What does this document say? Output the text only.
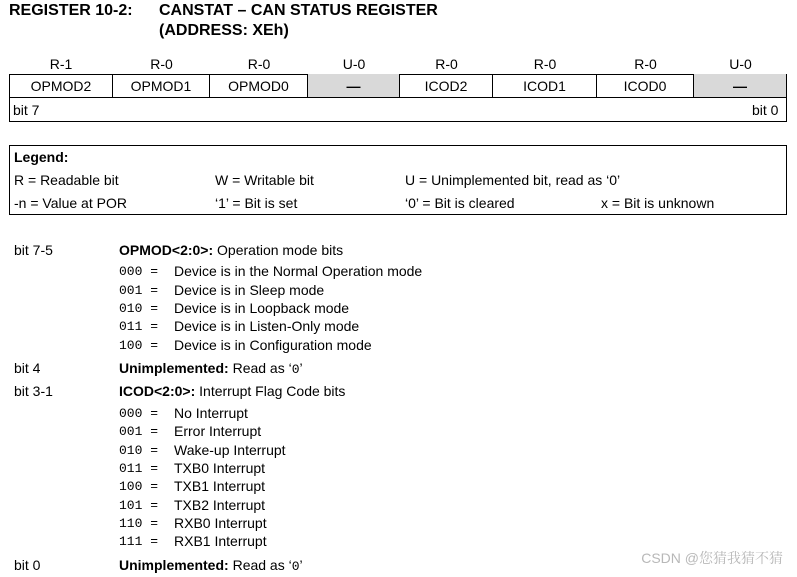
REGISTER 10-2: CANSTAT – CAN STATUS REGISTER
(ADDRESS: XEh)
R-1	R-0	R-0	U-0	R-0	R-0	R-0	U-0
OPMOD2	OPMOD1	OPMOD0	—	ICOD2	ICOD1	ICOD0	—
bit 7	bit 0
Legend:
R = Readable bit	W = Writable bit	U = Unimplemented bit, read as ‘0’
-n = Value at POR	‘1’ = Bit is set	‘0’ = Bit is cleared	x = Bit is unknown
bit 7-5	OPMOD<2:0>: Operation mode bits
000 = Device is in the Normal Operation mode
001 = Device is in Sleep mode
010 = Device is in Loopback mode
011 = Device is in Listen-Only mode
100 = Device is in Configuration mode
bit 4	Unimplemented: Read as ‘0’
bit 3-1	ICOD<2:0>: Interrupt Flag Code bits
000 = No Interrupt
001 = Error Interrupt
010 = Wake-up Interrupt
011 = TXB0 Interrupt
100 = TXB1 Interrupt
101 = TXB2 Interrupt
110 = RXB0 Interrupt
111 = RXB1 Interrupt
bit 0	Unimplemented: Read as ‘0’	CSDN @您猜我猜不猜
